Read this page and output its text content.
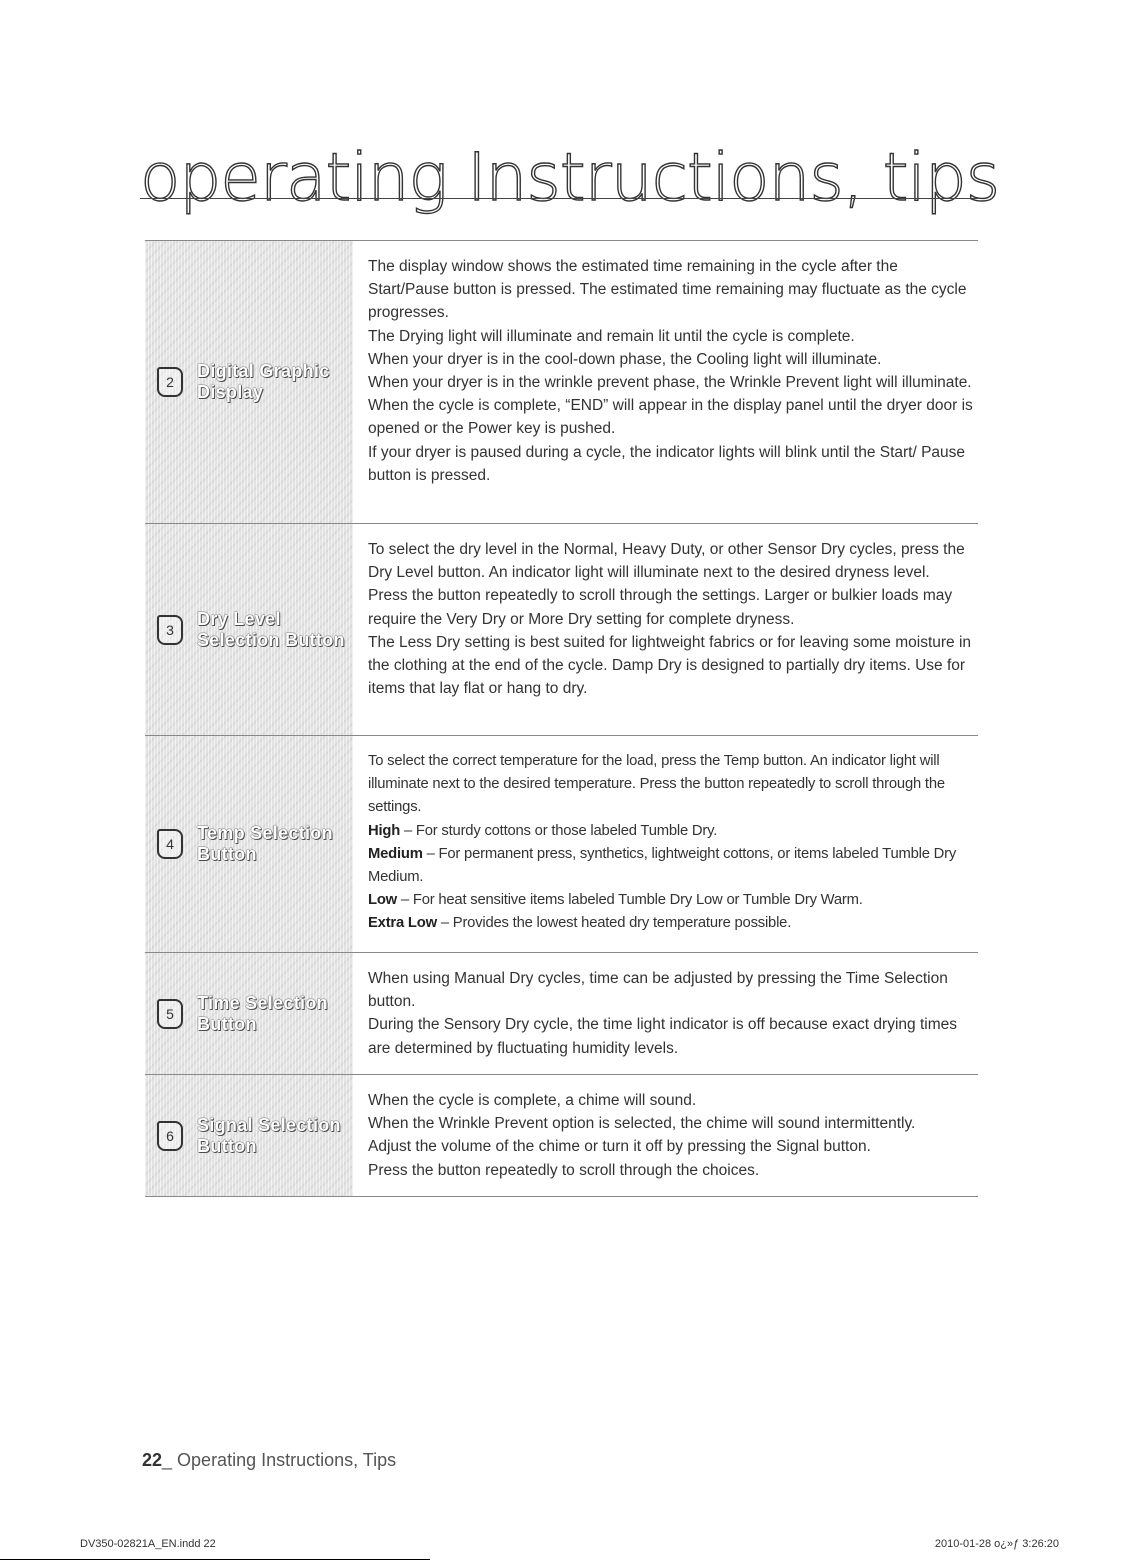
operating Instructions, tips
2
Digital Graphic
Display

The display window shows the estimated time remaining in the cycle after the Start/Pause button is pressed. The estimated time remaining may fluctuate as the cycle progresses.

The Drying light will illuminate and remain lit until the cycle is complete.

When your dryer is in the cool-down phase, the Cooling light will illuminate.

When your dryer is in the wrinkle prevent phase, the Wrinkle Prevent light will illuminate.

When the cycle is complete, “END” will appear in the display panel until the dryer door is opened or the Power key is pushed.

If your dryer is paused during a cycle, the indicator lights will blink until the Start/ Pause button is pressed.

3
Dry Level
Selection Button

To select the dry level in the Normal, Heavy Duty, or other Sensor Dry cycles, press the Dry Level button. An indicator light will illuminate next to the desired dryness level.

Press the button repeatedly to scroll through the settings. Larger or bulkier loads may require the Very Dry or More Dry setting for complete dryness.

The Less Dry setting is best suited for lightweight fabrics or for leaving some moisture in the clothing at the end of the cycle. Damp Dry is designed to partially dry items. Use for items that lay flat or hang to dry.

4
Temp Selection
Button

To select the correct temperature for the load, press the Temp button. An indicator light will illuminate next to the desired temperature. Press the button repeatedly to scroll through the settings.

High – For sturdy cottons or those labeled Tumble Dry.

Medium – For permanent press, synthetics, lightweight cottons, or items labeled Tumble Dry Medium.

Low – For heat sensitive items labeled Tumble Dry Low or Tumble Dry Warm.

Extra Low – Provides the lowest heated dry temperature possible.

5
Time Selection
Button

When using Manual Dry cycles, time can be adjusted by pressing the Time Selection button.

During the Sensory Dry cycle, the time light indicator is off because exact drying times are determined by fluctuating humidity levels.

6
Signal Selection
Button

When the cycle is complete, a chime will sound.

When the Wrinkle Prevent option is selected, the chime will sound intermittently.

Adjust the volume of the chime or turn it off by pressing the Signal button.

Press the button repeatedly to scroll through the choices.

22_ Operating Instructions, Tips
DV350-02821A_EN.indd 22	2010-01-28 ο¿»ƒ 3:26:20
